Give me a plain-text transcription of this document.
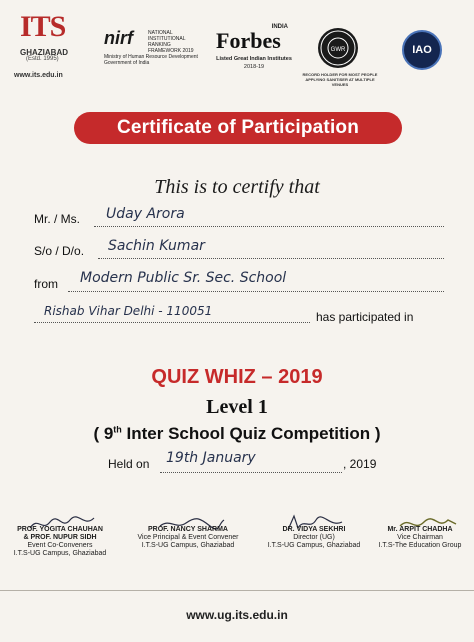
ITS
GHAZIABAD
(Estd. 1995)
www.its.edu.in
nirf	NATIONAL INSTITUTIONAL RANKING FRAMEWORK 2019
Ministry of Human Resource Development Government of India
INDIA
Forbes
Listed Great Indian Institutes
2018-19
GWR
RECORD HOLDER FOR MOST PEOPLE APPLYING SANITISER AT MULTIPLE VENUES
IAO
Certificate of Participation
This is to certify that
Mr. / Ms. Uday Arora
S/o / D/o. Sachin Kumar
from Modern Public Sr. Sec. School
Rishab Vihar Delhi - 110051	has participated in
QUIZ WHIZ – 2019
Level 1
( 9th Inter School Quiz Competition )
Held on 19th January	, 2019
PROF. YOGITA CHAUHAN
& PROF. NUPUR SIDH
Event Co-Conveners
I.T.S-UG Campus, Ghaziabad
PROF. NANCY SHARMA
Vice Principal & Event Convener
I.T.S-UG Campus, Ghaziabad
DR. VIDYA SEKHRI
Director (UG)
I.T.S-UG Campus, Ghaziabad
Mr. ARPIT CHADHA
Vice Chairman
I.T.S-The Education Group
www.ug.its.edu.in
